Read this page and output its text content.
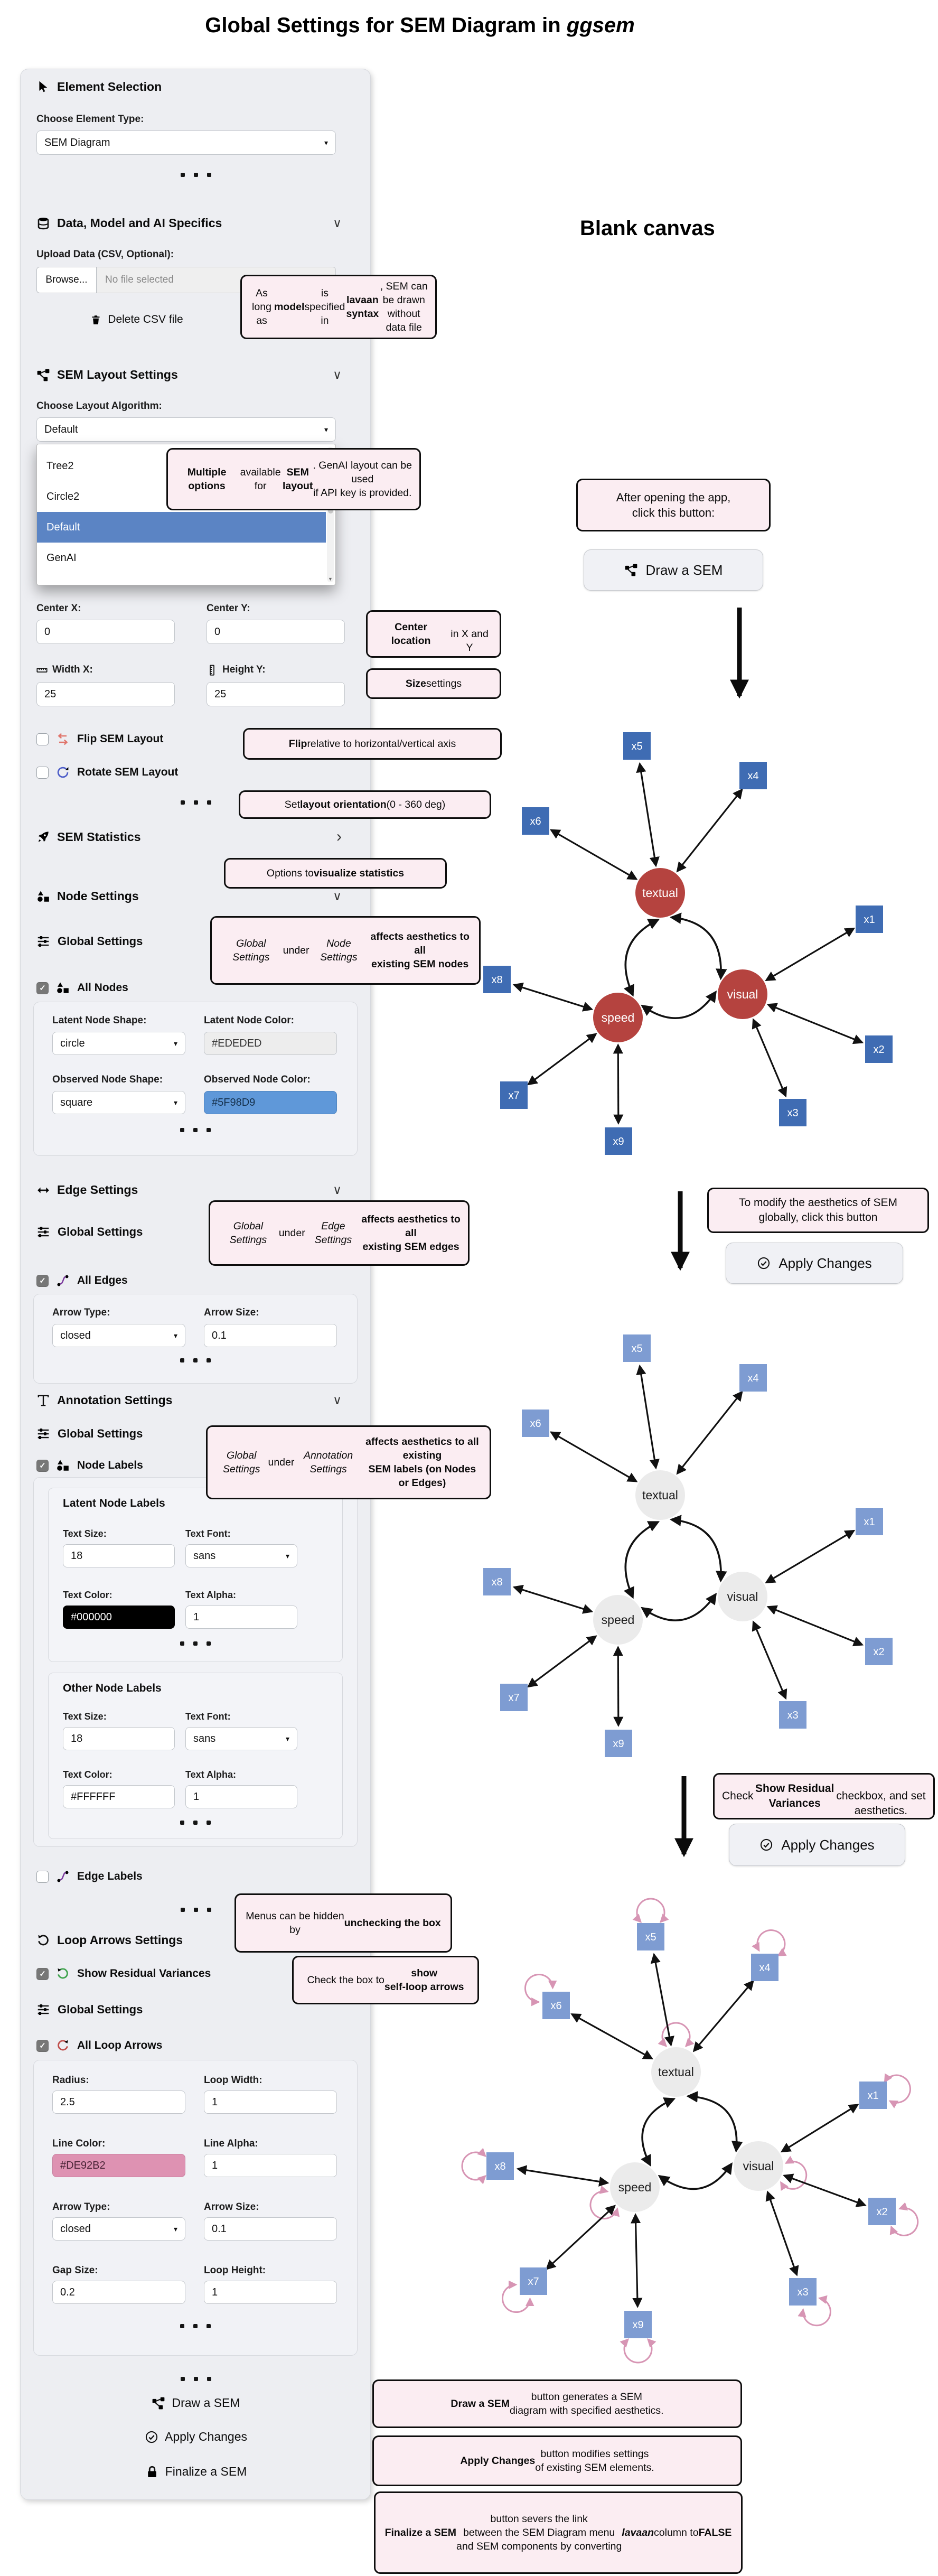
Global Settings for SEM Diagram in ggsem
textual
visual
speed
x1
x2
x3
x4
x5
x6
x7
x8
x9
textual
visual
speed
x1
x2
x3
x4
x5
x6
x7
x8
x9
textual
visual
speed
x1
x2
x3
x4
x5
x6
x7
x8
x9
Element Selection
Choose Element Type:
SEM Diagram	▾
Data, Model and AI Specifics	∨
Upload Data (CSV, Optional):
Browse...	No file selected
Delete CSV file
SEM Layout Settings	∨
Choose Layout Algorithm:
Default	▾
▼
Tree2
Circle2
Default
GenAI
Center X:	Center Y:
0	0
Width X:	Height Y:
25	25
Flip SEM Layout
Rotate SEM Layout
SEM Statistics	›
Node Settings	∨
Global Settings
✓	All Nodes
Latent Node Shape:	Latent Node Color:
circle	▾	#EDEDED
Observed Node Shape:	Observed Node Color:
square	▾	#5F98D9
Edge Settings	∨
Global Settings
✓	All Edges
Arrow Type:	Arrow Size:
closed	▾	0.1
Annotation Settings	∨
Global Settings
✓	Node Labels
Latent Node Labels
Text Size:	Text Font:
18	sans	▾
Text Color:	Text Alpha:
#000000	1
Other Node Labels
Text Size:	Text Font:
18	sans	▾
Text Color:	Text Alpha:
#FFFFFF	1
Edge Labels
Loop Arrows Settings
✓	Show Residual Variances
Global Settings
✓	All Loop Arrows
Radius:	Loop Width:
2.5	1
Line Color:	Line Alpha:
#DE92B2	1
Arrow Type:	Arrow Size:
closed	▾	0.1
Gap Size:	Loop Height:
0.2	1
Draw a SEM
Apply Changes
Finalize a SEM
As long as
model
is specified in

lavaan syntax
, SEM can be drawn
without data file
Multiple options
available for
SEM
layout
. GenAI layout can be used
if API key is provided.
Center location

in X and Y
Size settings
Flip relative to horizontal/vertical axis
Set layout orientation (0 - 360 deg)
Options to visualize statistics
Global Settings
under
Node Settings

affects aesthetics to all
existing SEM nodes
Global Settings
under
Edge Settings

affects aesthetics to all
existing SEM edges
Global Settings
under
Annotation Settings

affects aesthetics to all existing
SEM labels (on Nodes or Edges)
Menus can be hidden
by
unchecking the box
Check the box to
show
self-loop arrows
Draw a SEM
button generates a SEM
diagram with specified aesthetics.
Apply Changes
button modifies settings
of existing SEM elements.
Finalize a SEM
button severs the link
between the SEM Diagram menu
and SEM components by converting

lavaan column to FALSE
Blank canvas
After opening the app,
click this button:
Draw a SEM
To modify the aesthetics of SEM
globally, click this button
Apply Changes
Check
Show Residual Variances

checkbox, and set aesthetics.
Apply Changes
